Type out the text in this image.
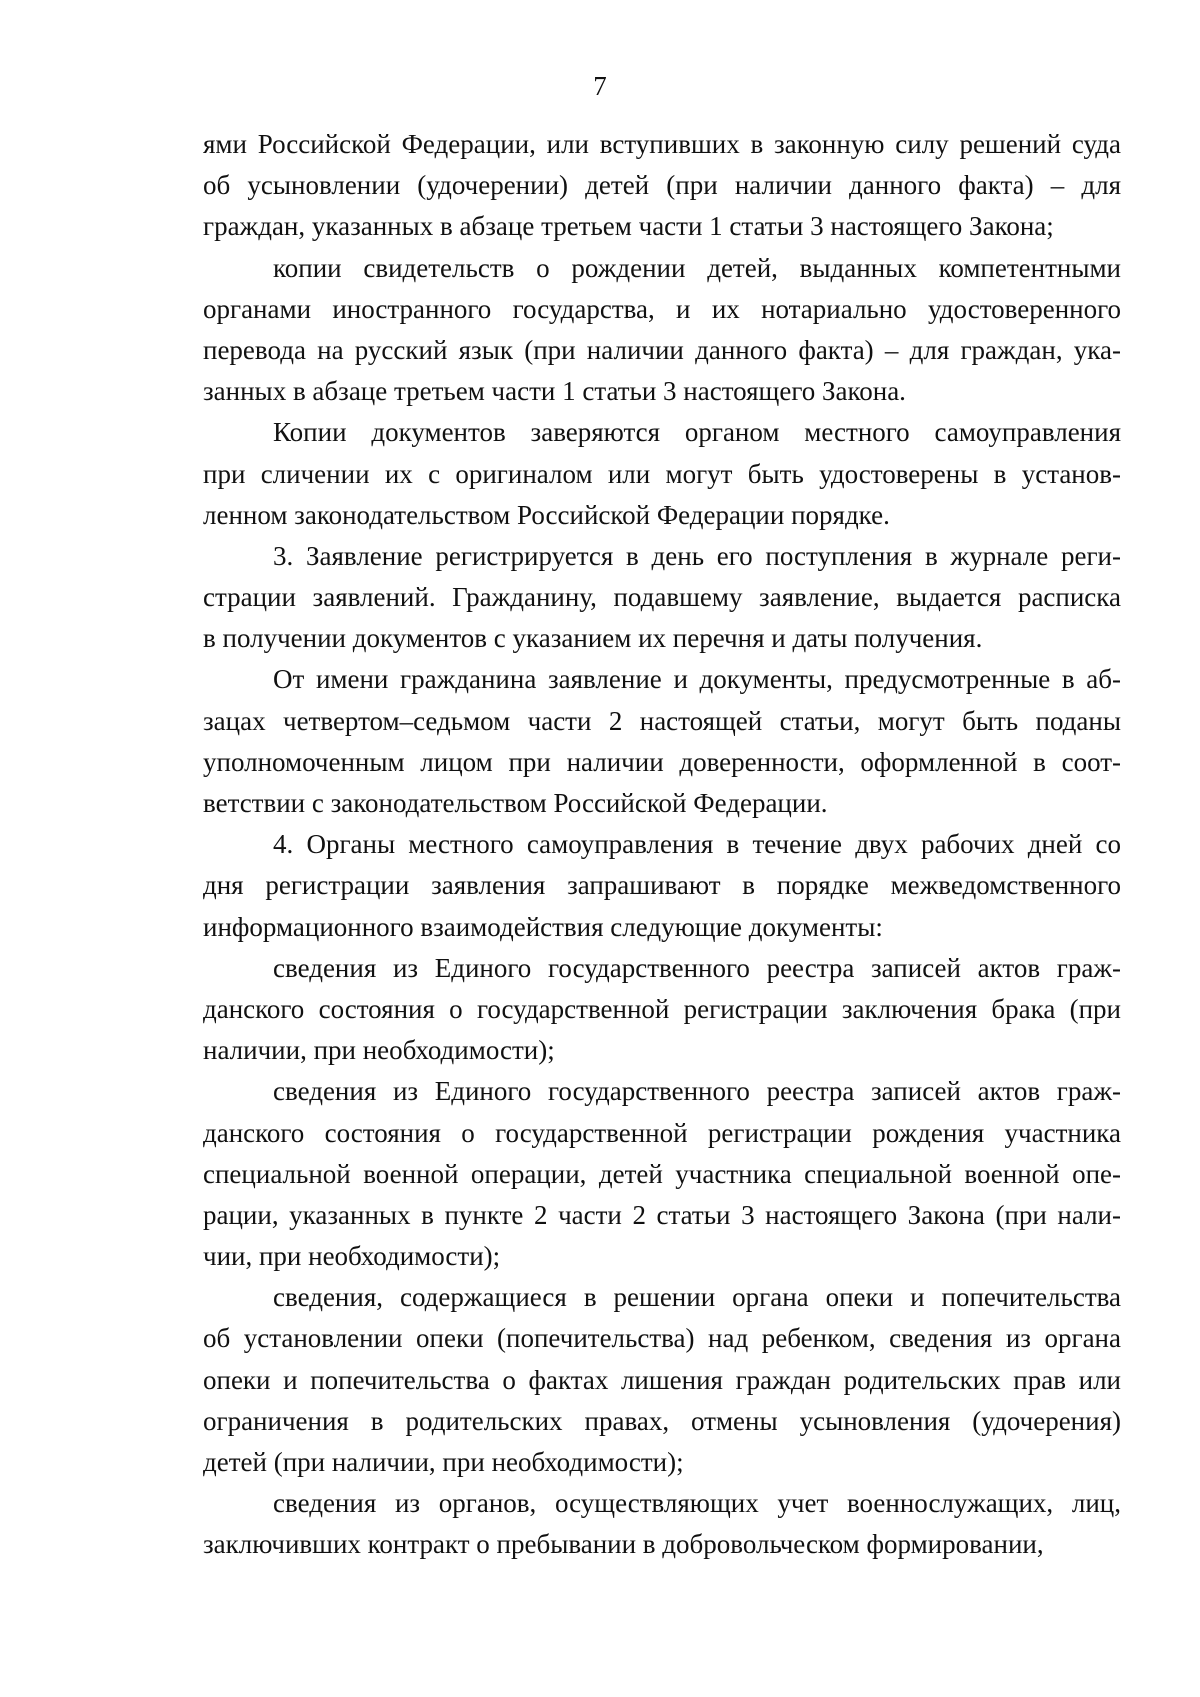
7
ями Российской Федерации, или вступивших в законную силу решений суда
об усыновлении (удочерении) детей (при наличии данного факта) – для
граждан, указанных в абзаце третьем части 1 статьи 3 настоящего Закона;
копии свидетельств о рождении детей, выданных компетентными
органами иностранного государства, и их нотариально удостоверенного
перевода на русский язык (при наличии данного факта) – для граждан, ука-
занных в абзаце третьем части 1 статьи 3 настоящего Закона.
Копии документов заверяются органом местного самоуправления
при сличении их с оригиналом или могут быть удостоверены в установ-
ленном законодательством Российской Федерации порядке.
3. Заявление регистрируется в день его поступления в журнале реги-
страции заявлений. Гражданину, подавшему заявление, выдается расписка
в получении документов с указанием их перечня и даты получения.
От имени гражданина заявление и документы, предусмотренные в аб-
зацах четвертом–седьмом части 2 настоящей статьи, могут быть поданы
уполномоченным лицом при наличии доверенности, оформленной в соот-
ветствии с законодательством Российской Федерации.
4. Органы местного самоуправления в течение двух рабочих дней со
дня регистрации заявления запрашивают в порядке межведомственного
информационного взаимодействия следующие документы:
сведения из Единого государственного реестра записей актов граж-
данского состояния о государственной регистрации заключения брака (при
наличии, при необходимости);
сведения из Единого государственного реестра записей актов граж-
данского состояния о государственной регистрации рождения участника
специальной военной операции, детей участника специальной военной опе-
рации, указанных в пункте 2 части 2 статьи 3 настоящего Закона (при нали-
чии, при необходимости);
сведения, содержащиеся в решении органа опеки и попечительства
об установлении опеки (попечительства) над ребенком, сведения из органа
опеки и попечительства о фактах лишения граждан родительских прав или
ограничения в родительских правах, отмены усыновления (удочерения)
детей (при наличии, при необходимости);
сведения из органов, осуществляющих учет военнослужащих, лиц,
заключивших контракт о пребывании в добровольческом формировании,
